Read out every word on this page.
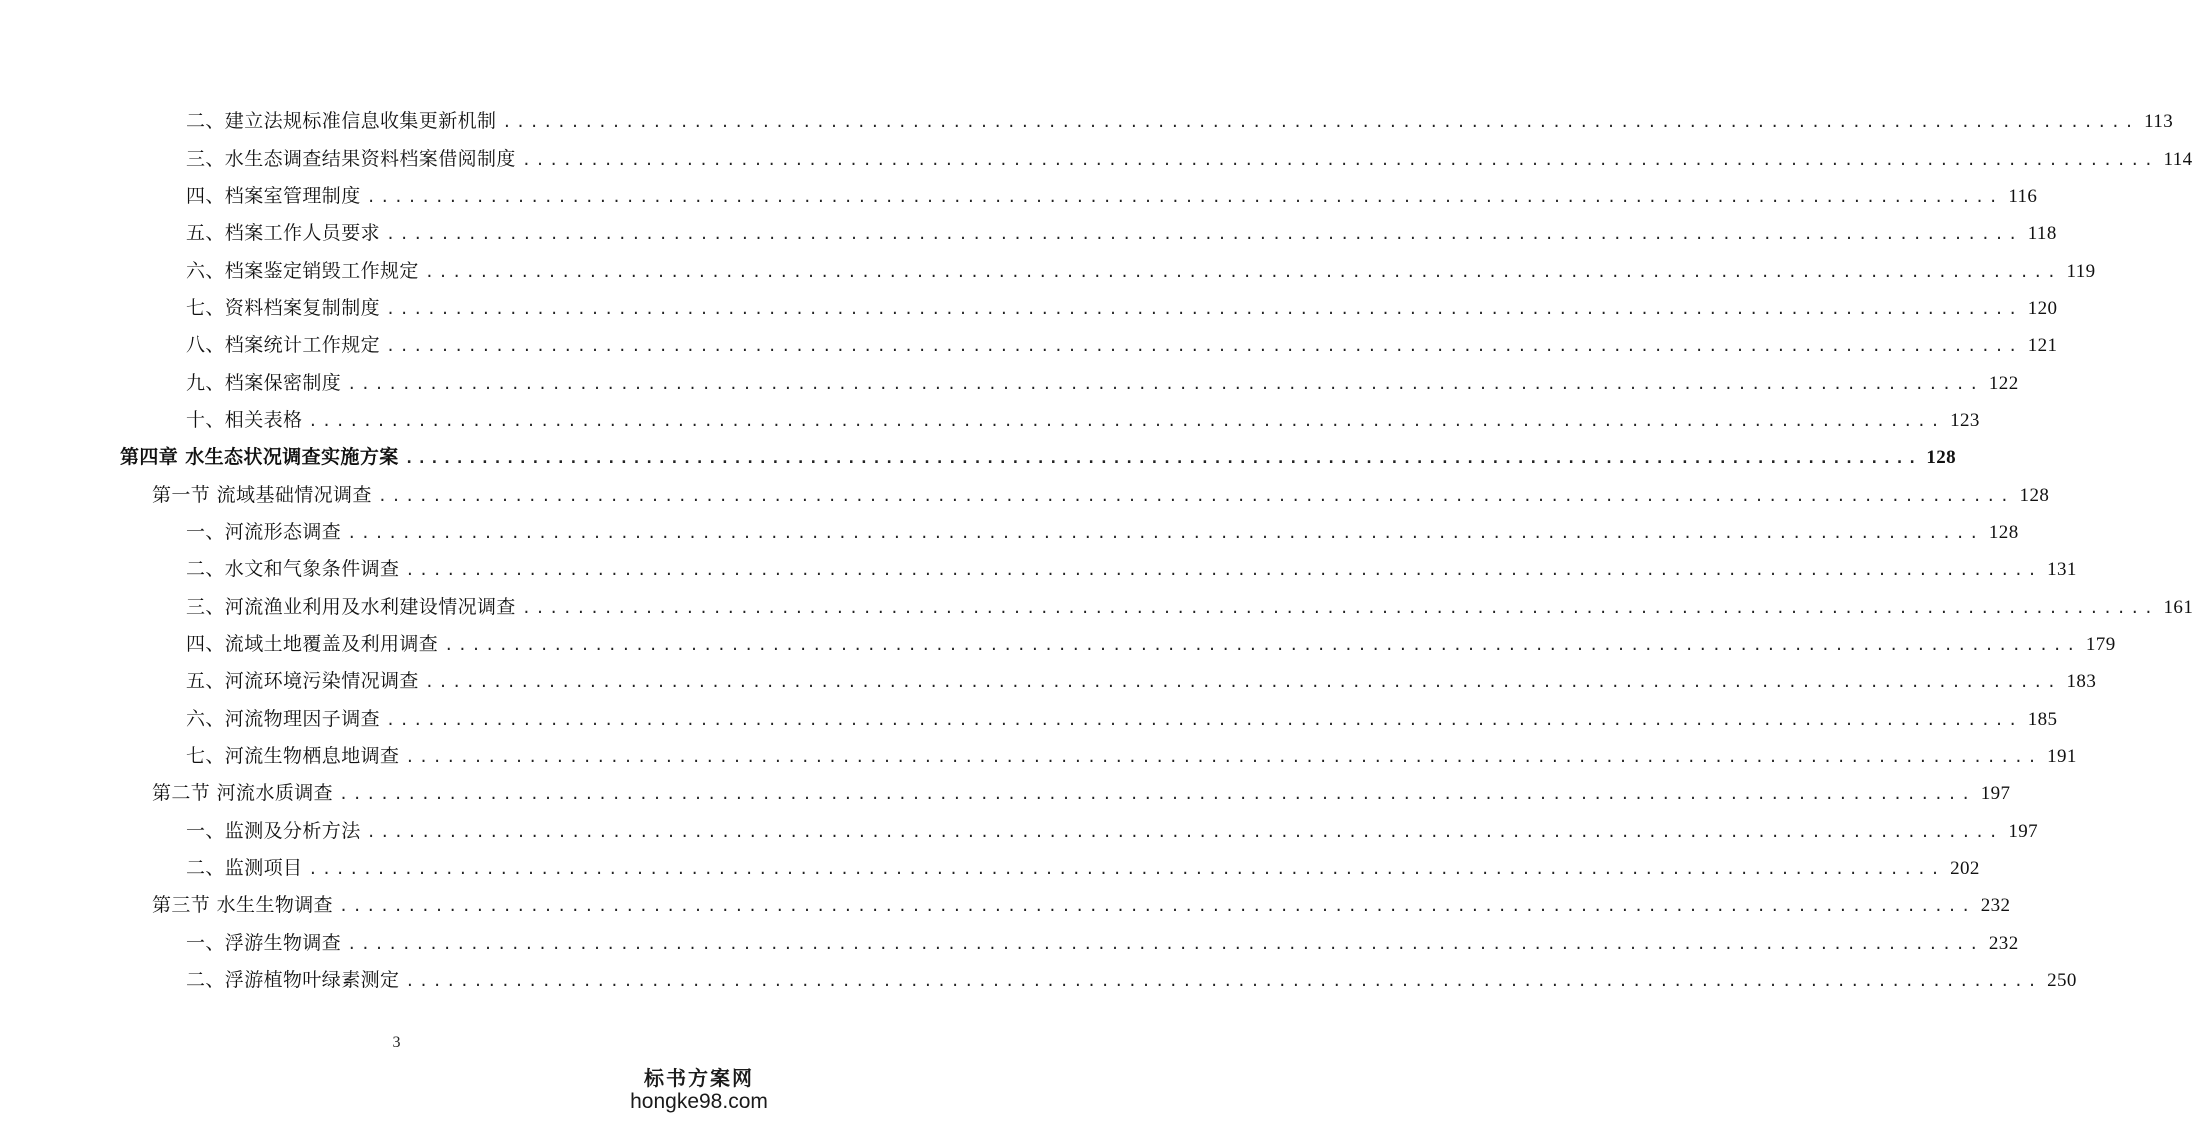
二、建立法规标准信息收集更新机制 ........................................................................................................................ 113
三、水生态调查结果资料档案借阅制度 ........................................................................................................................ 114
四、档案室管理制度 ........................................................................................................................ 116
五、档案工作人员要求 ........................................................................................................................ 118
六、档案鉴定销毁工作规定 ........................................................................................................................ 119
七、资料档案复制制度 ........................................................................................................................ 120
八、档案统计工作规定 ........................................................................................................................ 121
九、档案保密制度 ........................................................................................................................ 122
十、相关表格 ........................................................................................................................ 123
第四章 水生态状况调查实施方案 ........................................................................................................................ 128
第一节 流域基础情况调查 ........................................................................................................................ 128
一、河流形态调查 ........................................................................................................................ 128
二、水文和气象条件调查 ........................................................................................................................ 131
三、河流渔业利用及水利建设情况调查 ........................................................................................................................ 161
四、流域土地覆盖及利用调查 ........................................................................................................................ 179
五、河流环境污染情况调查 ........................................................................................................................ 183
六、河流物理因子调查 ........................................................................................................................ 185
七、河流生物栖息地调查 ........................................................................................................................ 191
第二节 河流水质调查 ........................................................................................................................ 197
一、监测及分析方法 ........................................................................................................................ 197
二、监测项目 ........................................................................................................................ 202
第三节 水生生物调查 ........................................................................................................................ 232
一、浮游生物调查 ........................................................................................................................ 232
二、浮游植物叶绿素测定 ........................................................................................................................ 250
3
标书方案网
hongke98.com
